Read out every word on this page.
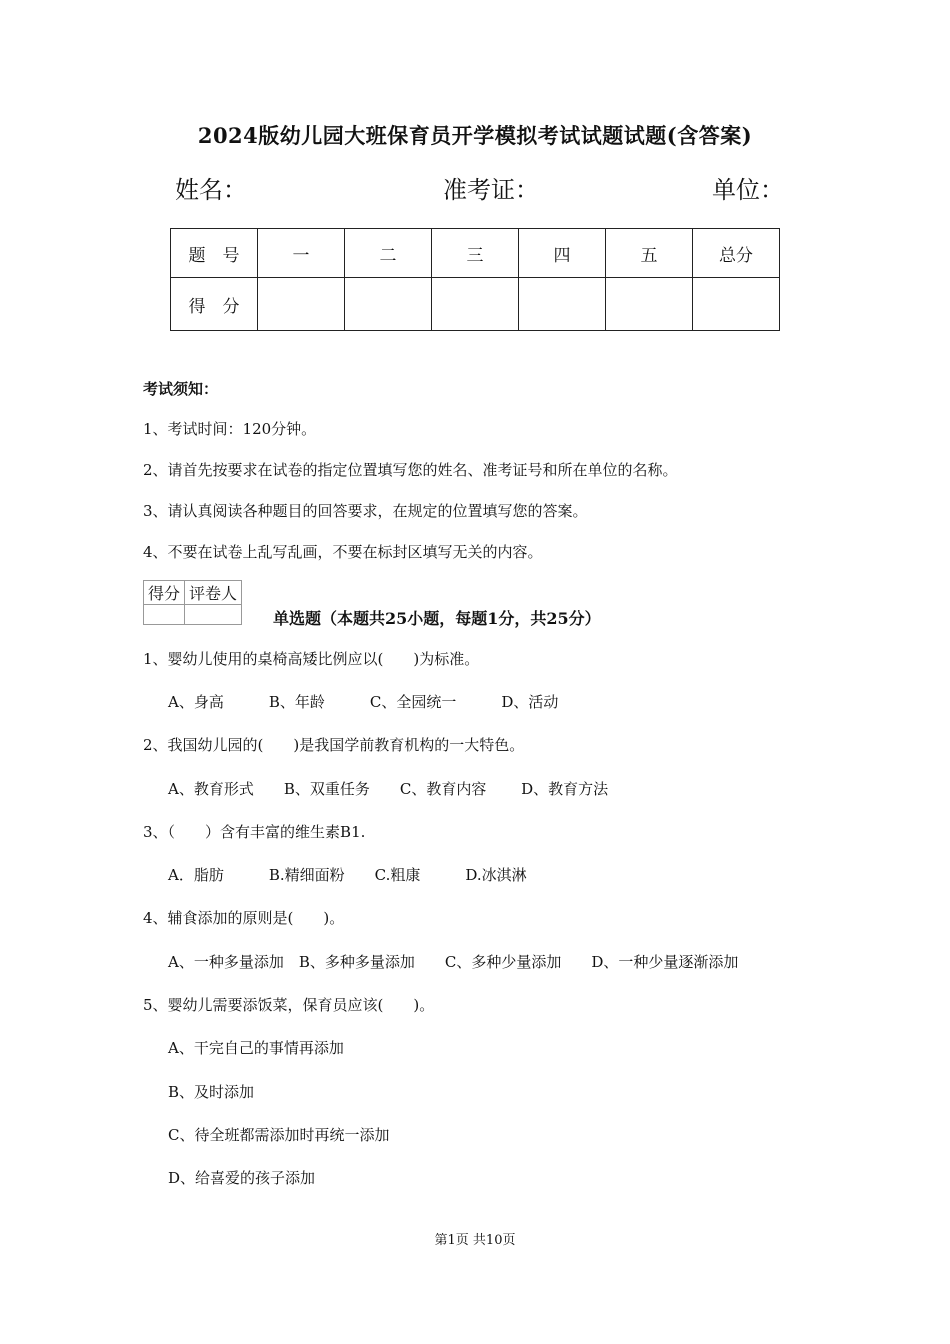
2024版幼儿园大班保育员开学模拟考试试题试题(含答案)
姓名：	准考证：	单位：
题　号	一	二	三	四	五	总分
得　分						
考试须知：
1、考试时间：120分钟。
2、请首先按要求在试卷的指定位置填写您的姓名、准考证号和所在单位的名称。
3、请认真阅读各种题目的回答要求，在规定的位置填写您的答案。
4、不要在试卷上乱写乱画，不要在标封区填写无关的内容。
得分	评卷人

单选题（本题共25小题，每题1分，共25分）
1、婴幼儿使用的桌椅高矮比例应以(　　)为标准。
A、身高　　　B、年龄　　　C、全园统一　　　D、活动
2、我国幼儿园的(　　)是我国学前教育机构的一大特色。
A、教育形式　　B、双重任务　　C、教育内容　　 D、教育方法
3、（　　）含有丰富的维生素B1.
A．脂肪　　　B.精细面粉　　C.粗康　　　D.冰淇淋
4、辅食添加的原则是(　　)。
A、一种多量添加　B、多种多量添加　　C、多种少量添加　　D、一种少量逐渐添加
5、婴幼儿需要添饭菜，保育员应该(　　)。
A、干完自己的事情再添加
B、及时添加
C、待全班都需添加时再统一添加
D、给喜爱的孩子添加
第1页 共10页
